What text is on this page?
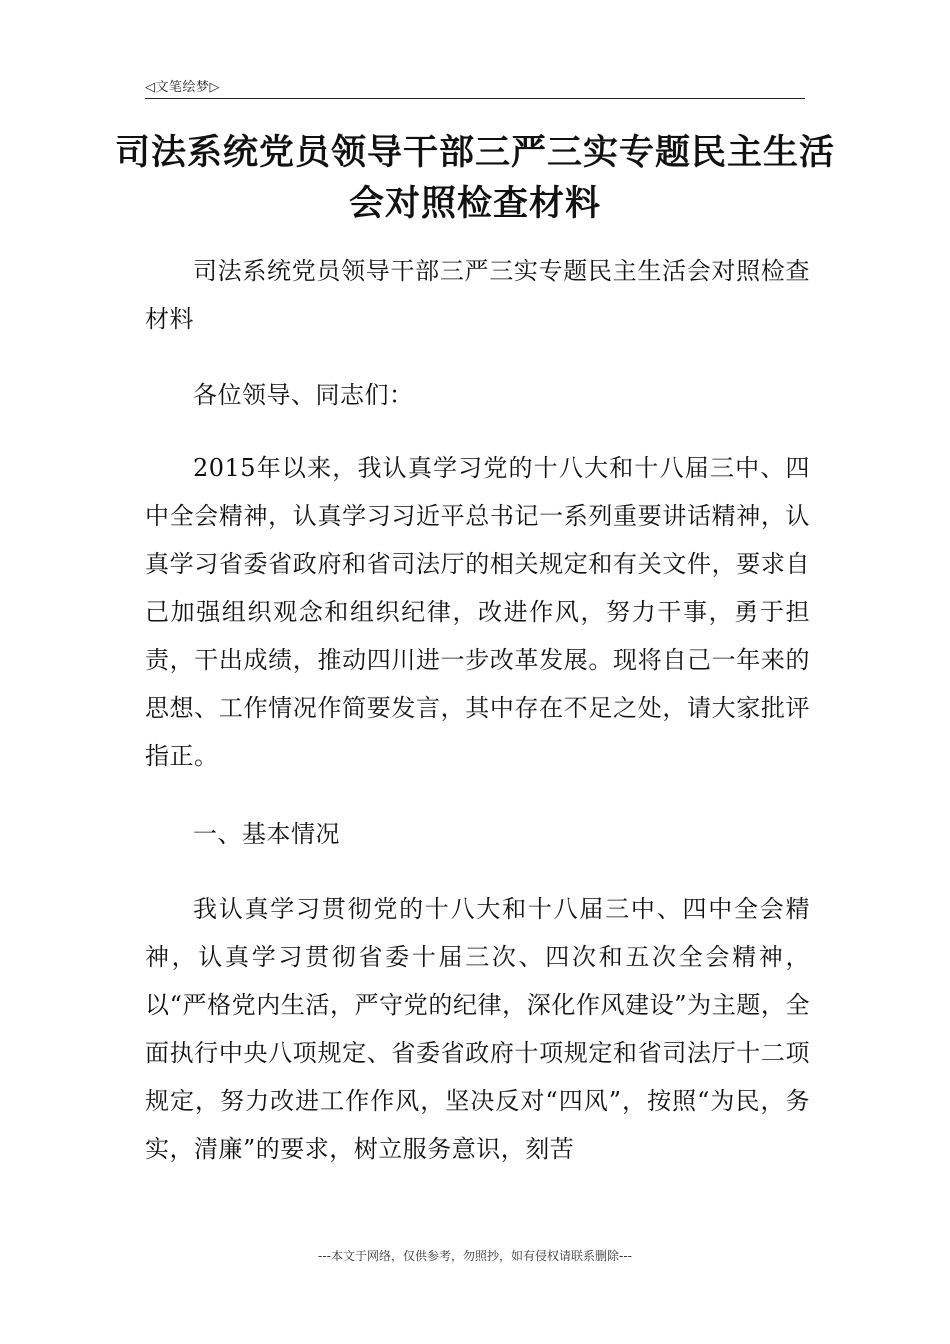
◁文笔绘梦▷
司法系统党员领导干部三严三实专题民主生活会对照检查材料

司法系统党员领导干部三严三实专题民主生活会对照检查材料

各位领导、同志们：

2015年以来，我认真学习党的十八大和十八届三中、四中全会精神，认真学习习近平总书记一系列重要讲话精神，认真学习省委省政府和省司法厅的相关规定和有关文件，要求自己加强组织观念和组织纪律，改进作风，努力干事，勇于担责，干出成绩，推动四川进一步改革发展。现将自己一年来的思想、工作情况作简要发言，其中存在不足之处，请大家批评指正。

一、基本情况

我认真学习贯彻党的十八大和十八届三中、四中全会精神，认真学习贯彻省委十届三次、四次和五次全会精神，以“严格党内生活，严守党的纪律，深化作风建设”为主题，全面执行中央八项规定、省委省政府十项规定和省司法厅十二项规定，努力改进工作作风，坚决反对“四风”，按照“为民，务实，清廉”的要求，树立服务意识，刻苦

---本文于网络，仅供参考，勿照抄，如有侵权请联系删除---
